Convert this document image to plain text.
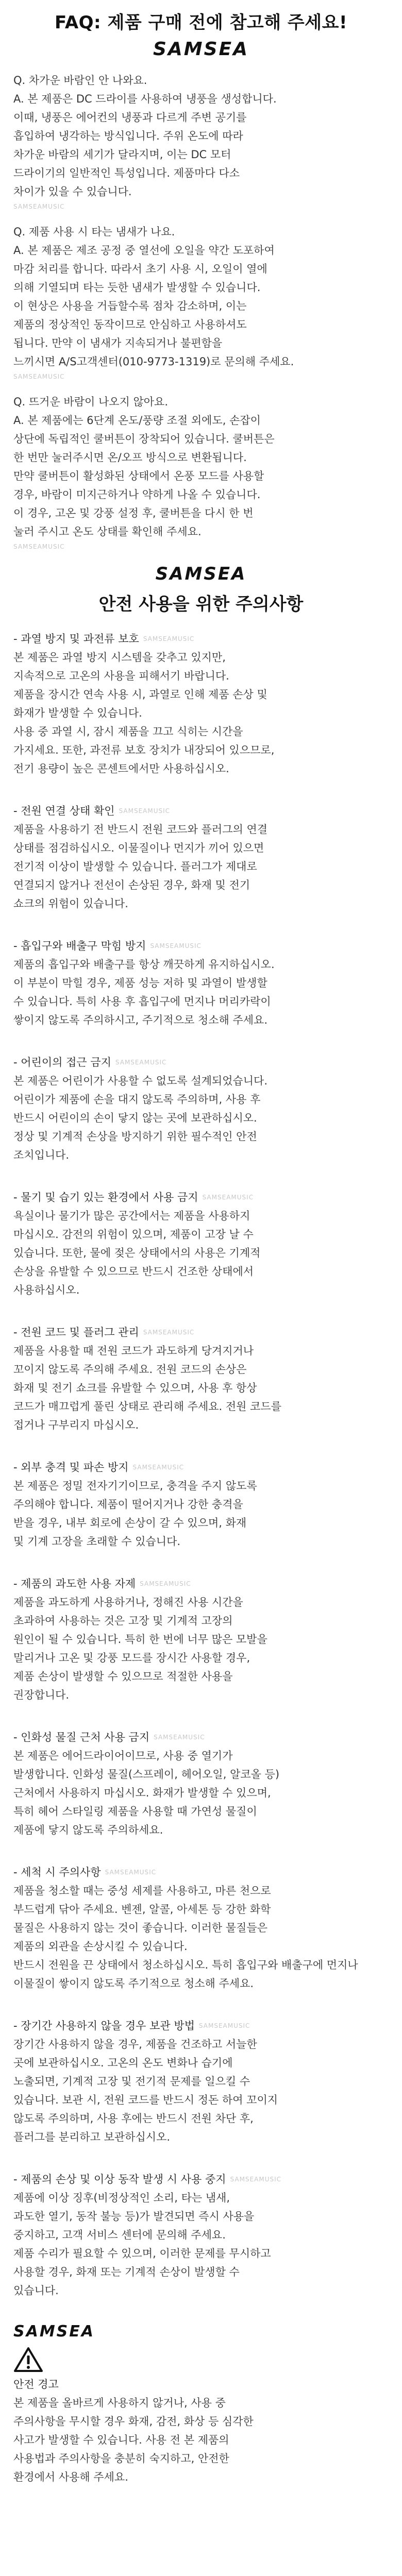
FAQ: 제품 구매 전에 참고해 주세요!
SAMSEA

Q. 차가운 바람인 안 나와요.
A. 본 제품은 DC 드라이를 사용하여 냉풍을 생성합니다.
이때, 냉풍은 에어컨의 냉풍과 다르게 주변 공기를
흡입하여 냉각하는 방식입니다. 주위 온도에 따라
차가운 바람의 세기가 달라지며, 이는 DC 모터
드라이기의 일반적인 특성입니다. 제품마다 다소
차이가 있을 수 있습니다.

SAMSEAMUSIC

Q. 제품 사용 시 타는 냄새가 나요.
A. 본 제품은 제조 공정 중 열선에 오일을 약간 도포하여
마감 처리를 합니다. 따라서 초기 사용 시, 오일이 열에
의해 기열되며 타는 듯한 냄새가 발생할 수 있습니다.
이 현상은 사용을 거듭할수록 점차 감소하며, 이는
제품의 정상적인 동작이므로 안심하고 사용하셔도
됩니다. 만약 이 냄새가 지속되거나 불편함을
느끼시면 A/S고객센터(010-9773-1319)로 문의해 주세요.

SAMSEAMUSIC

Q. 뜨거운 바람이 나오지 않아요.
A. 본 제품에는 6단계 온도/풍량 조절 외에도, 손잡이
상단에 독립적인 쿨버튼이 장착되어 있습니다. 쿨버튼은
한 번만 눌러주시면 온/오프 방식으로 변환됩니다.
만약 쿨버튼이 활성화된 상태에서 온풍 모드를 사용할
경우, 바람이 미지근하거나 약하게 나올 수 있습니다.
이 경우, 고온 및 강풍 설정 후, 쿨버튼을 다시 한 번
눌러 주시고 온도 상태를 확인해 주세요.

SAMSEAMUSIC
SAMSEA
안전 사용을 위한 주의사항
- 과열 방지 및 과전류 보호 SAMSEAMUSIC
본 제품은 과열 방지 시스템을 갖추고 있지만,
지속적으로 고온의 사용을 피해서기 바랍니다.
제품을 장시간 연속 사용 시, 과열로 인해 제품 손상 및
화재가 발생할 수 있습니다.
사용 중 과열 시, 잠시 제품을 끄고 식히는 시간을
가지세요. 또한, 과전류 보호 장치가 내장되어 있으므로,
전기 용량이 높은 콘센트에서만 사용하십시오.
- 전원 연결 상태 확인 SAMSEAMUSIC
제품을 사용하기 전 반드시 전원 코드와 플러그의 연결
상태를 점검하십시오. 이물질이나 먼지가 끼어 있으면
전기적 이상이 발생할 수 있습니다. 플러그가 제대로
연결되지 않거나 전선이 손상된 경우, 화재 및 전기
쇼크의 위험이 있습니다.
- 흡입구와 배출구 막힘 방지 SAMSEAMUSIC
제품의 흡입구와 배출구를 항상 깨끗하게 유지하십시오.
이 부분이 막힐 경우, 제품 성능 저하 및 과열이 발생할
수 있습니다. 특히 사용 후 흡입구에 먼지나 머리카락이
쌓이지 않도록 주의하시고, 주기적으로 청소해 주세요.
- 어린이의 접근 금지 SAMSEAMUSIC
본 제품은 어린이가 사용할 수 없도록 설계되었습니다.
어린이가 제품에 손을 대지 않도록 주의하며, 사용 후
반드시 어린이의 손이 닿지 않는 곳에 보관하십시오.
정상 및 기계적 손상을 방지하기 위한 필수적인 안전
조치입니다.
- 물기 및 습기 있는 환경에서 사용 금지 SAMSEAMUSIC
욕실이나 물기가 많은 공간에서는 제품을 사용하지
마십시오. 감전의 위험이 있으며, 제품이 고장 날 수
있습니다. 또한, 물에 젖은 상태에서의 사용은 기계적
손상을 유발할 수 있으므로 반드시 건조한 상태에서
사용하십시오.
- 전원 코드 및 플러그 관리 SAMSEAMUSIC
제품을 사용할 때 전원 코드가 과도하게 당겨지거나
꼬이지 않도록 주의해 주세요. 전원 코드의 손상은
화재 및 전기 쇼크를 유발할 수 있으며, 사용 후 항상
코드가 매끄럽게 풀린 상태로 관리해 주세요. 전원 코드를
접거나 구부리지 마십시오.
- 외부 충격 및 파손 방지 SAMSEAMUSIC
본 제품은 정밀 전자기기이므로, 충격을 주지 않도록
주의해야 합니다. 제품이 떨어지거나 강한 충격을
받을 경우, 내부 회로에 손상이 갈 수 있으며, 화재
및 기계 고장을 초래할 수 있습니다.
- 제품의 과도한 사용 자제 SAMSEAMUSIC
제품을 과도하게 사용하거나, 정해진 사용 시간을
초과하여 사용하는 것은 고장 및 기계적 고장의
원인이 될 수 있습니다. 특히 한 번에 너무 많은 모발을
말리거나 고온 및 강풍 모드를 장시간 사용할 경우,
제품 손상이 발생할 수 있으므로 적절한 사용을
권장합니다.
- 인화성 물질 근처 사용 금지 SAMSEAMUSIC
본 제품은 에어드라이어이므로, 사용 중 열기가
발생합니다. 인화성 물질(스프레이, 헤어오일, 알코올 등)
근처에서 사용하지 마십시오. 화재가 발생할 수 있으며,
특히 헤어 스타일링 제품을 사용할 때 가연성 물질이
제품에 닿지 않도록 주의하세요.
- 세척 시 주의사항 SAMSEAMUSIC
제품을 청소할 때는 중성 세제를 사용하고, 마른 천으로
부드럽게 닦아 주세요. 벤젠, 알콜, 아세톤 등 강한 화학
물질은 사용하지 않는 것이 좋습니다. 이러한 물질들은
제품의 외관을 손상시킬 수 있습니다.
반드시 전원을 끈 상태에서 청소하십시오. 특히 흡입구와 배출구에 먼지나
이물질이 쌓이지 않도록 주기적으로 청소해 주세요.
- 장기간 사용하지 않을 경우 보관 방법 SAMSEAMUSIC
장기간 사용하지 않을 경우, 제품을 건조하고 서늘한
곳에 보관하십시오. 고온의 온도 변화나 습기에
노출되면, 기계적 고장 및 전기적 문제를 일으킬 수
있습니다. 보관 시, 전원 코드를 반드시 정돈 하여 꼬이지
않도록 주의하며, 사용 후에는 반드시 전원 차단 후,
플러그를 분리하고 보관하십시오.
- 제품의 손상 및 이상 동작 발생 시 사용 중지 SAMSEAMUSIC
제품에 이상 징후(비정상적인 소리, 타는 냄새,
과도한 열기, 동작 불능 등)가 발견되면 즉시 사용을
중지하고, 고객 서비스 센터에 문의해 주세요.
제품 수리가 필요할 수 있으며, 이러한 문제를 무시하고
사용할 경우, 화재 또는 기계적 손상이 발생할 수
있습니다.
SAMSEA
안전 경고
본 제품을 올바르게 사용하지 않거나, 사용 중
주의사항을 무시할 경우 화재, 감전, 화상 등 심각한
사고가 발생할 수 있습니다. 사용 전 본 제품의
사용법과 주의사항을 충분히 숙지하고, 안전한
환경에서 사용해 주세요.
